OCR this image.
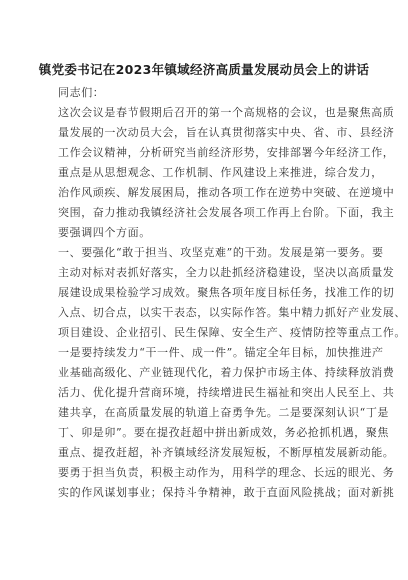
镇党委书记在2023年镇域经济高质量发展动员会上的讲话
同志们：
这次会议是春节假期后召开的第一个高规格的会议，也是聚焦高质
量发展的一次动员大会，旨在认真贯彻落实中央、省、市、县经济
工作会议精神，分析研究当前经济形势，安排部署今年经济工作，
重点是从思想观念、工作机制、作风建设上来推进，综合发力，
治作风顽疾、解发展困局，推动各项工作在逆势中突破、在逆境中
突围，奋力推动我镇经济社会发展各项工作再上台阶。下面，我主
要强调四个方面。
一、要强化“敢于担当、攻坚克难”的干劲。发展是第一要务。要
主动对标对表抓好落实，全力以赴抓经济稳建设，坚决以高质量发
展建设成果检验学习成效。聚焦各项年度目标任务，找准工作的切
入点、切合点，以实干表态，以实际作答。集中精力抓好产业发展、
项目建设、企业招引、民生保障、安全生产、疫情防控等重点工作。
一是要持续发力“干一件、成一件”。锚定全年目标，加快推进产
业基础高级化、产业链现代化，着力保护市场主体、持续释放消费
活力、优化提升营商环境，持续增进民生福祉和突出人民至上、共
建共享，在高质量发展的轨道上奋勇争先。二是要深刻认识“丁是
丁、卯是卯”。要在提孜赶超中拼出新成效，务必抢抓机遇，聚焦
重点、提孜赶超，补齐镇域经济发展短板，不断厚植发展新动能。
要勇于担当负责，积极主动作为，用科学的理念、长远的眼光、务
实的作风谋划事业；保持斗争精神，敢于直面风险挑战；面对新挑
